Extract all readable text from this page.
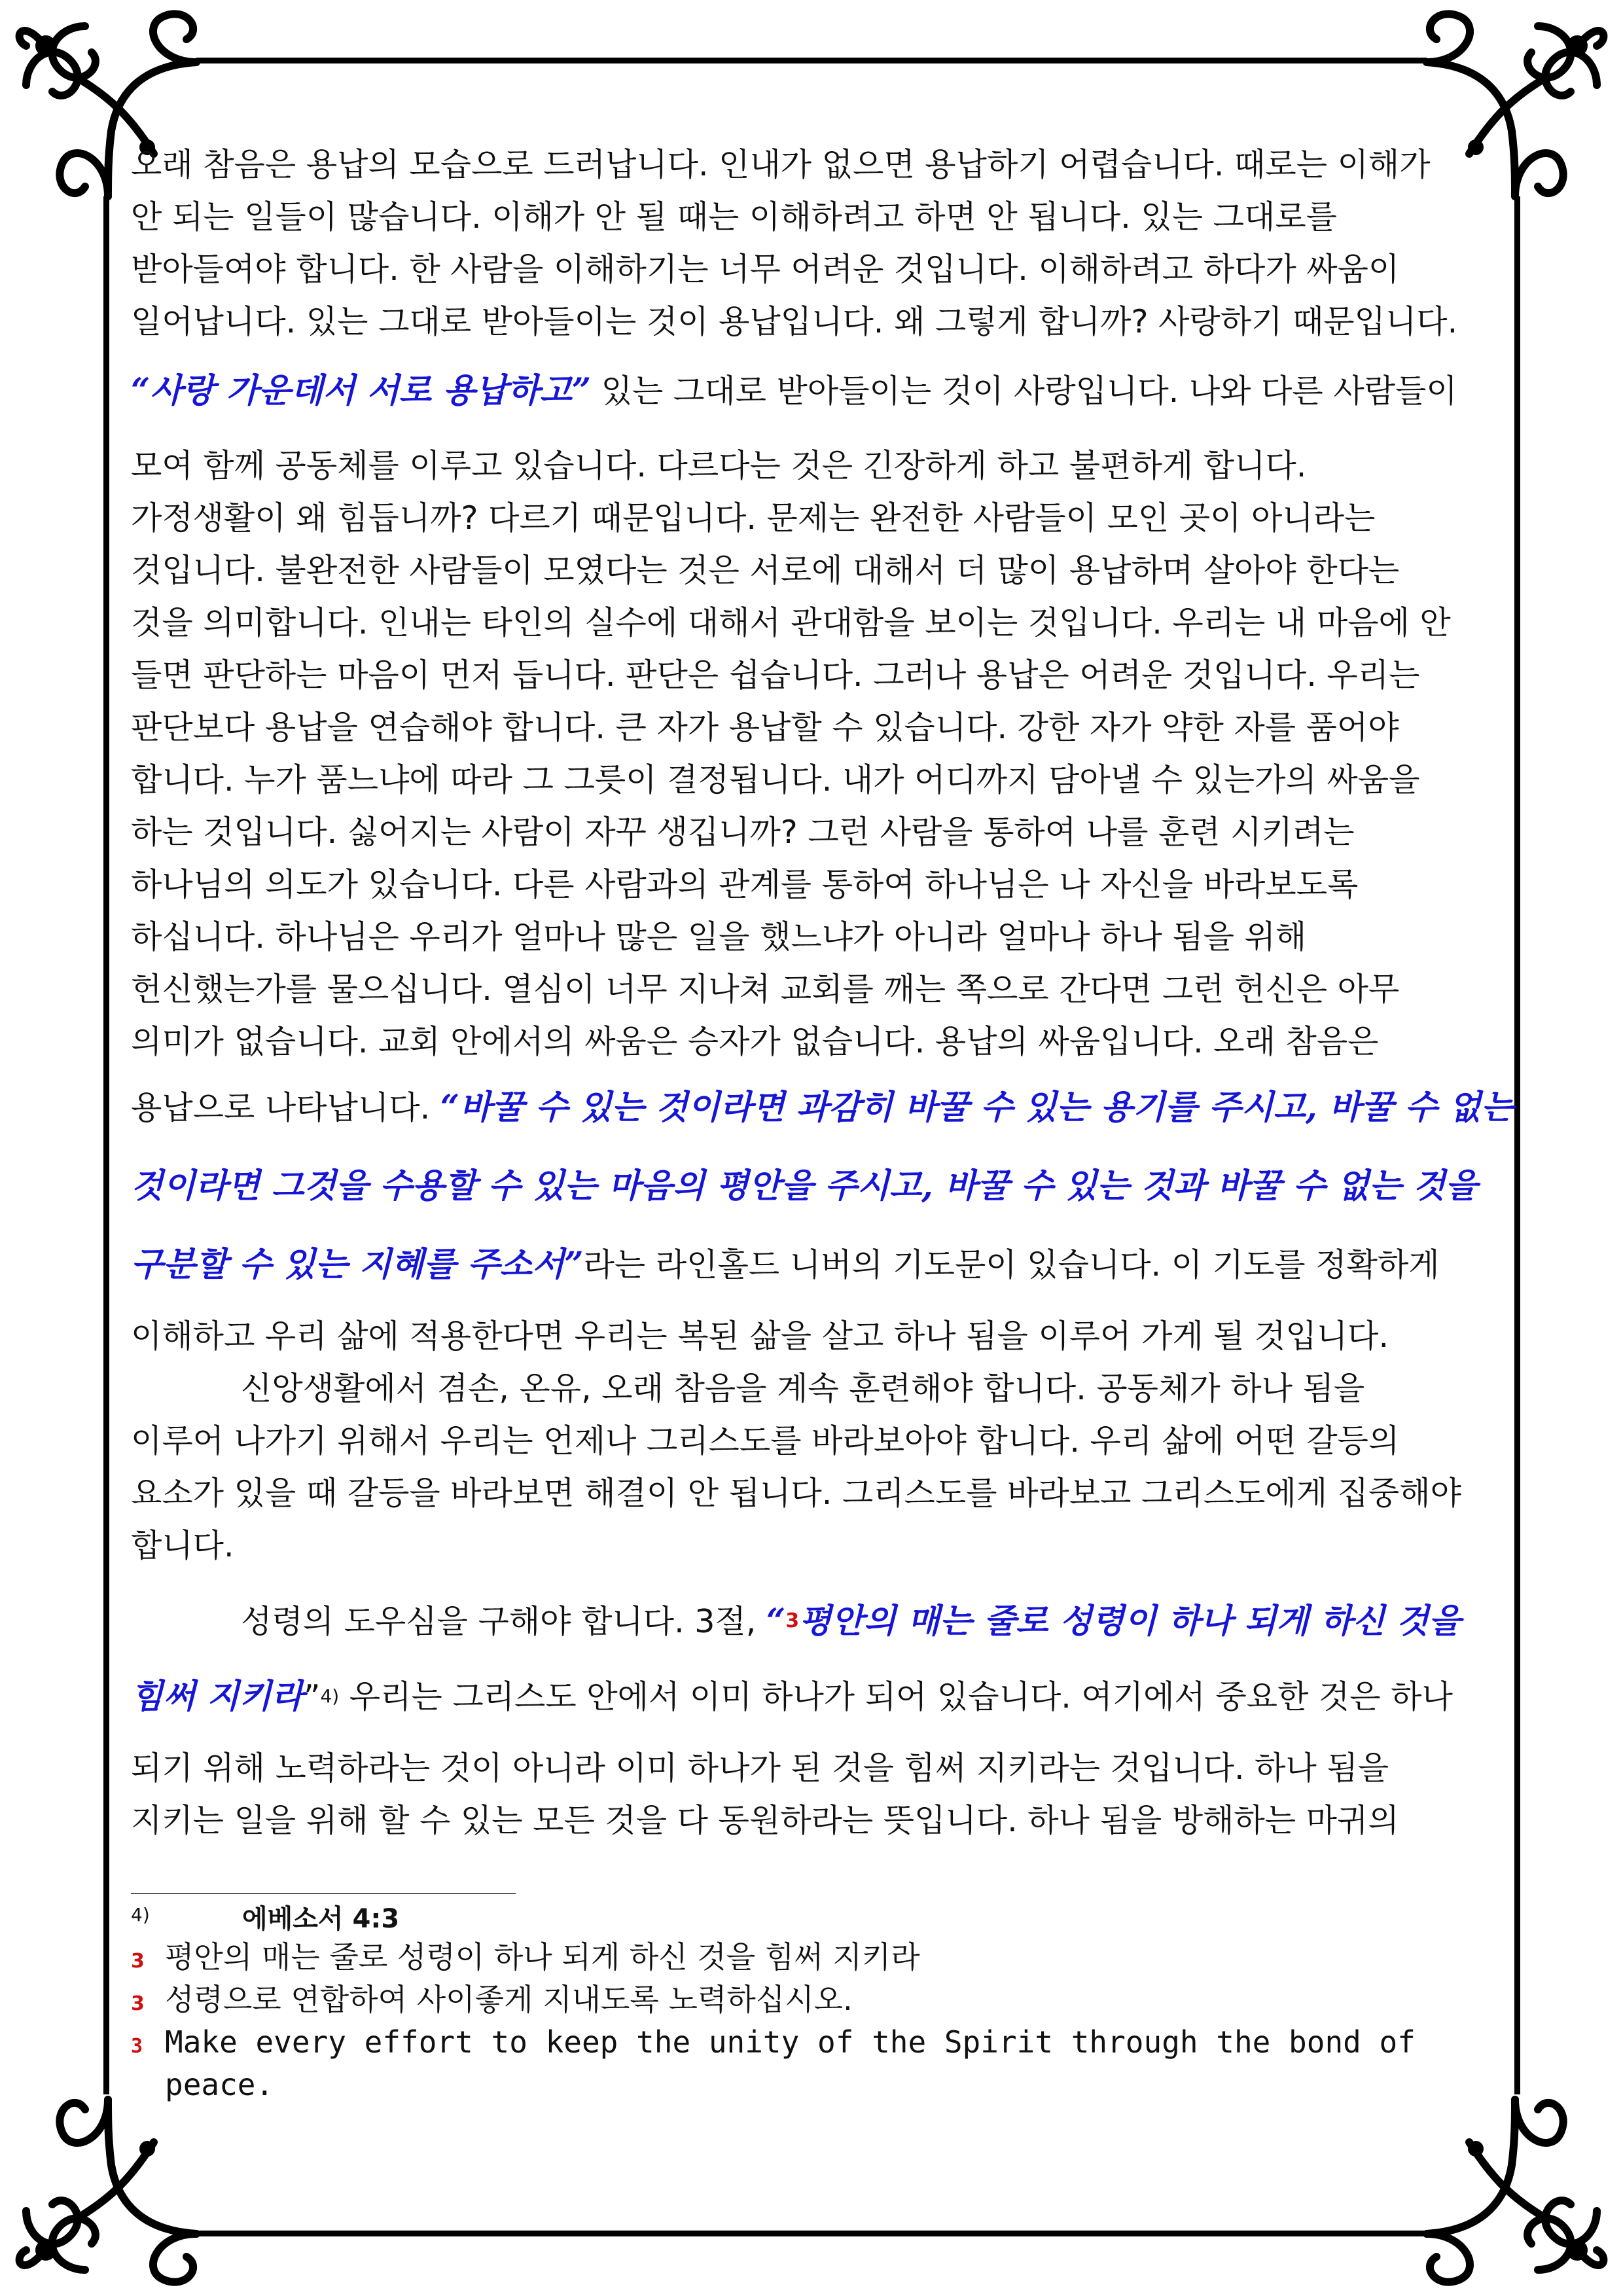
오래 참음은 용납의 모습으로 드러납니다. 인내가 없으면 용납하기 어렵습니다. 때로는 이해가
안 되는 일들이 많습니다. 이해가 안 될 때는 이해하려고 하면 안 됩니다. 있는 그대로를
받아들여야 합니다. 한 사람을 이해하기는 너무 어려운 것입니다. 이해하려고 하다가 싸움이
일어납니다. 있는 그대로 받아들이는 것이 용납입니다. 왜 그렇게 합니까? 사랑하기 때문입니다.
“사랑 가운데서 서로 용납하고” 있는 그대로 받아들이는 것이 사랑입니다. 나와 다른 사람들이
모여 함께 공동체를 이루고 있습니다. 다르다는 것은 긴장하게 하고 불편하게 합니다.
가정생활이 왜 힘듭니까? 다르기 때문입니다. 문제는 완전한 사람들이 모인 곳이 아니라는
것입니다. 불완전한 사람들이 모였다는 것은 서로에 대해서 더 많이 용납하며 살아야 한다는
것을 의미합니다. 인내는 타인의 실수에 대해서 관대함을 보이는 것입니다. 우리는 내 마음에 안
들면 판단하는 마음이 먼저 듭니다. 판단은 쉽습니다. 그러나 용납은 어려운 것입니다. 우리는
판단보다 용납을 연습해야 합니다. 큰 자가 용납할 수 있습니다. 강한 자가 약한 자를 품어야
합니다. 누가 품느냐에 따라 그 그릇이 결정됩니다. 내가 어디까지 담아낼 수 있는가의 싸움을
하는 것입니다. 싫어지는 사람이 자꾸 생깁니까? 그런 사람을 통하여 나를 훈련 시키려는
하나님의 의도가 있습니다. 다른 사람과의 관계를 통하여 하나님은 나 자신을 바라보도록
하십니다. 하나님은 우리가 얼마나 많은 일을 했느냐가 아니라 얼마나 하나 됨을 위해
헌신했는가를 물으십니다. 열심이 너무 지나쳐 교회를 깨는 쪽으로 간다면 그런 헌신은 아무
의미가 없습니다. 교회 안에서의 싸움은 승자가 없습니다. 용납의 싸움입니다. 오래 참음은
용납으로 나타납니다. “바꿀 수 있는 것이라면 과감히 바꿀 수 있는 용기를 주시고, 바꿀 수 없는
것이라면 그것을 수용할 수 있는 마음의 평안을 주시고, 바꿀 수 있는 것과 바꿀 수 없는 것을
구분할 수 있는 지혜를 주소서”라는 라인홀드 니버의 기도문이 있습니다. 이 기도를 정확하게
이해하고 우리 삶에 적용한다면 우리는 복된 삶을 살고 하나 됨을 이루어 가게 될 것입니다.
신앙생활에서 겸손, 온유, 오래 참음을 계속 훈련해야 합니다. 공동체가 하나 됨을
이루어 나가기 위해서 우리는 언제나 그리스도를 바라보아야 합니다. 우리 삶에 어떤 갈등의
요소가 있을 때 갈등을 바라보면 해결이 안 됩니다. 그리스도를 바라보고 그리스도에게 집중해야
합니다.
성령의 도우심을 구해야 합니다. 3절, “$^3$평안의 매는 줄로 성령이 하나 되게 하신 것을
힘써 지키라”$^{4)}$ 우리는 그리스도 안에서 이미 하나가 되어 있습니다. 여기에서 중요한 것은 하나
되기 위해 노력하라는 것이 아니라 이미 하나가 된 것을 힘써 지키라는 것입니다. 하나 됨을
지키는 일을 위해 할 수 있는 모든 것을 다 동원하라는 뜻입니다. 하나 됨을 방해하는 마귀의
$^{4)}$	에베소서 4:3
3 평안의 매는 줄로 성령이 하나 되게 하신 것을 힘써 지키라
3 성령으로 연합하여 사이좋게 지내도록 노력하십시오.
3 Make every effort to keep the unity of the Spirit through the bond of
peace.
